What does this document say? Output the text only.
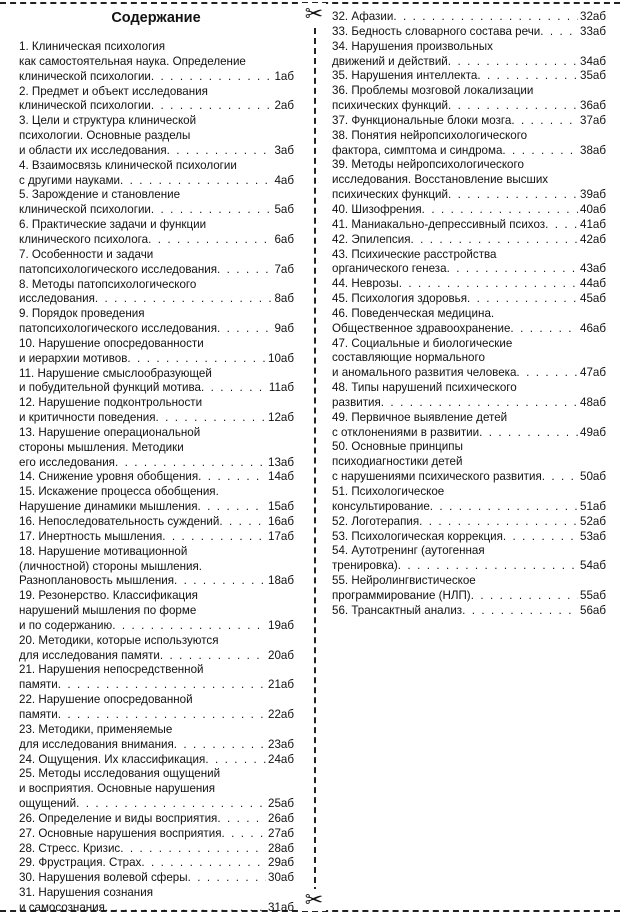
✂
✂
Содержание
1. Клиническая психология
как самостоятельная наука. Определение
клинической психологии . . .	1аб
2. Предмет и объект исследования
клинической психологии . . .	2аб
3. Цели и структура клинической
психологии. Основные разделы
и области их исследования . . .	3аб
4. Взаимосвязь клинической психологии
с другими науками . . .	4аб
5. Зарождение и становление
клинической психологии . . .	5аб
6. Практические задачи и функции
клинического психолога . . .	6аб
7. Особенности и задачи
патопсихологического исследования . . .	7аб
8. Методы патопсихологического
исследования . . .	8аб
9. Порядок проведения
патопсихологического исследования . . .	9аб
10. Нарушение опосредованности
и иерархии мотивов . . .	10аб
11. Нарушение смыслообразующей
и побудительной функций мотива . . .	11аб
12. Нарушение подконтрольности
и критичности поведения . . .	12аб
13. Нарушение операциональной
стороны мышления. Методики
его исследования . . .	13аб
14. Снижение уровня обобщения . . .	14аб
15. Искажение процесса обобщения.
Нарушение динамики мышления . . .	15аб
16. Непоследовательность суждений . . .	16аб
17. Инертность мышления . . .	17аб
18. Нарушение мотивационной
(личностной) стороны мышления.
Разноплановость мышления . . .	18аб
19. Резонерство. Классификация
нарушений мышления по форме
и по содержанию . . .	19аб
20. Методики, которые используются
для исследования памяти . . .	20аб
21. Нарушения непосредственной
памяти . . .	21аб
22. Нарушение опосредованной
памяти . . .	22аб
23. Методики, применяемые
для исследования внимания . . .	23аб
24. Ощущения. Их классификация . . .	24аб
25. Методы исследования ощущений
и восприятия. Основные нарушения
ощущений . . .	25аб
26. Определение и виды восприятия . . .	26аб
27. Основные нарушения восприятия . . .	27аб
28. Стресс. Кризис . . .	28аб
29. Фрустрация. Страх . . .	29аб
30. Нарушения волевой сферы . . .	30аб
31. Нарушения сознания
и самосознания . . .	31аб
32. Афазии . . .	32аб
33. Бедность словарного состава речи . . .	33аб
34. Нарушения произвольных
движений и действий . . .	34аб
35. Нарушения интеллекта . . .	35аб
36. Проблемы мозговой локализации
психических функций . . .	36аб
37. Функциональные блоки мозга . . .	37аб
38. Понятия нейропсихологического
фактора, симптома и синдрома . . .	38аб
39. Методы нейропсихологического
исследования. Восстановление высших
психических функций . . .	39аб
40. Шизофрения . . .	40аб
41. Маниакально-депрессивный психоз . . .	41аб
42. Эпилепсия . . .	42аб
43. Психические расстройства
органического генеза . . .	43аб
44. Неврозы . . .	44аб
45. Психология здоровья . . .	45аб
46. Поведенческая медицина.
Общественное здравоохранение . . .	46аб
47. Социальные и биологические
составляющие нормального
и аномального развития человека . . .	47аб
48. Типы нарушений психического
развития . . .	48аб
49. Первичное выявление детей
с отклонениями в развитии . . .	49аб
50. Основные принципы
психодиагностики детей
с нарушениями психического развития . . .	50аб
51. Психологическое
консультирование . . .	51аб
52. Логотерапия . . .	52аб
53. Психологическая коррекция . . .	53аб
54. Аутотренинг (аутогенная
тренировка) . . .	54аб
55. Нейролингвистическое
программирование (НЛП) . . .	55аб
56. Трансактный анализ . . .	56аб
